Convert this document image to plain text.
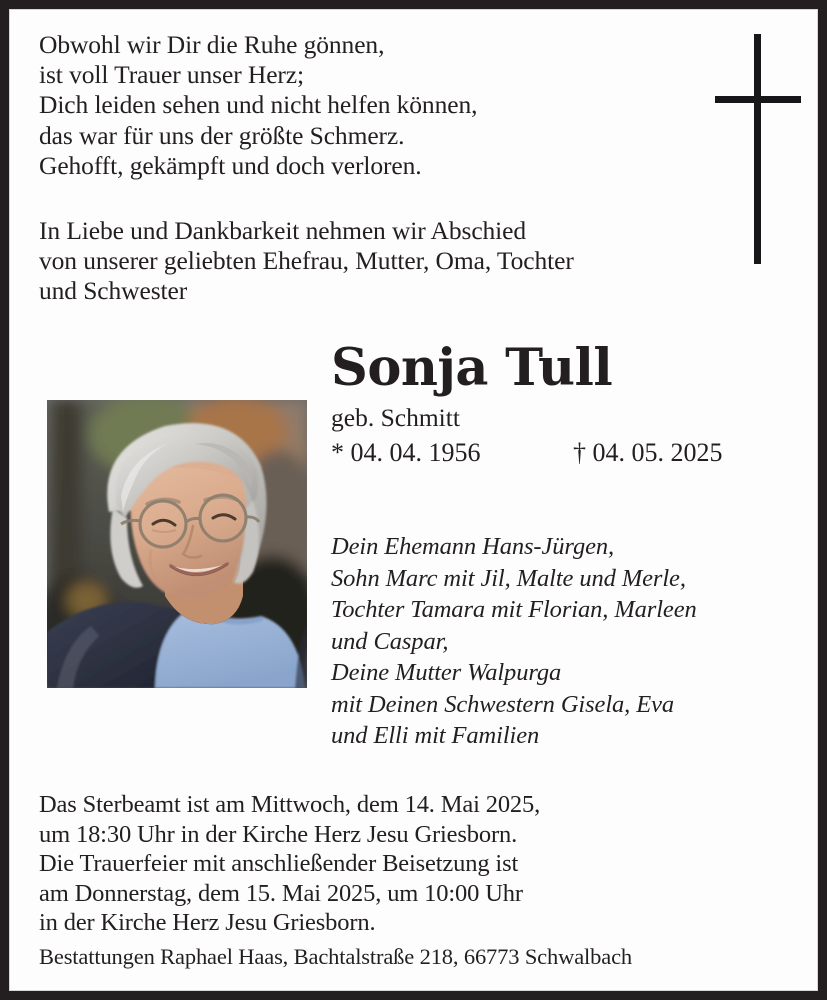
Obwohl wir Dir die Ruhe gönnen,
ist voll Trauer unser Herz;
Dich leiden sehen und nicht helfen können,
das war für uns der größte Schmerz.
Gehofft, gekämpft und doch verloren.
In Liebe und Dankbarkeit nehmen wir Abschied
von unserer geliebten Ehefrau, Mutter, Oma, Tochter
und Schwester
Sonja Tull
geb. Schmitt

* 04. 04. 1956

	† 04. 05. 2025

Dein Ehemann Hans-Jürgen,
Sohn Marc mit Jil, Malte und Merle,
Tochter Tamara mit Florian, Marleen
und Caspar,
Deine Mutter Walpurga
mit Deinen Schwestern Gisela, Eva
und Elli mit Familien
Das Sterbeamt ist am Mittwoch, dem 14. Mai 2025,
um 18:30 Uhr in der Kirche Herz Jesu Griesborn.
Die Trauerfeier mit anschließender Beisetzung ist
am Donnerstag, dem 15. Mai 2025, um 10:00 Uhr
in der Kirche Herz Jesu Griesborn.
Bestattungen Raphael Haas, Bachtalstraße 218, 66773 Schwalbach
